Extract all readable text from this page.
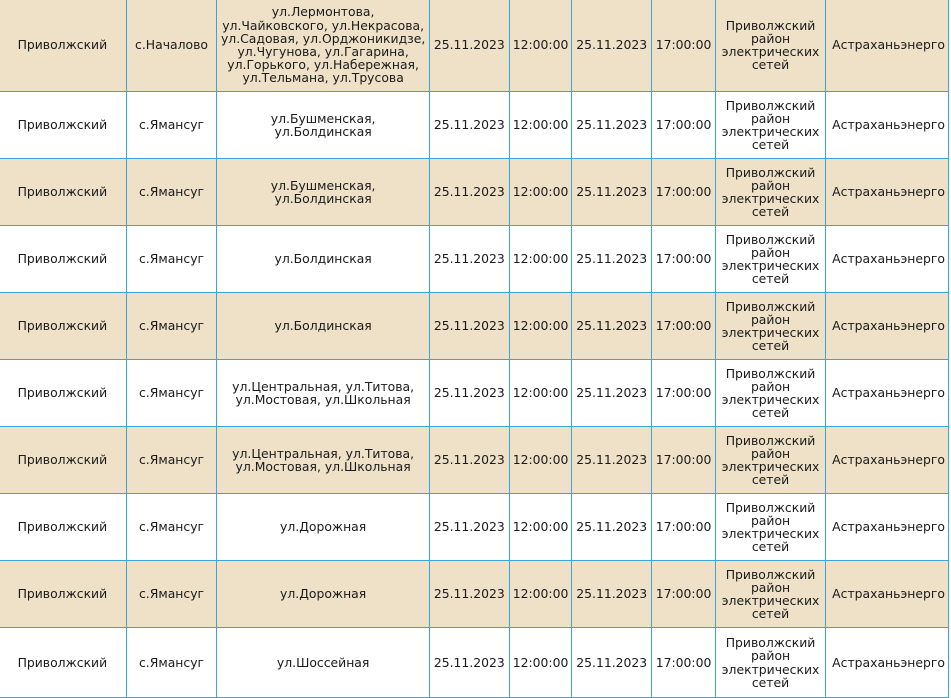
Приволжский	с.Началово	ул.Лермонтова, ул.Чайковского, ул.Некрасова, ул.Садовая, ул.Орджоникидзе, ул.Чугунова, ул.Гагарина, ул.Горького, ул.Набережная, ул.Тельмана, ул.Трусова	25.11.2023	12:00:00	25.11.2023	17:00:00	Приволжский район электрических сетей	Астраханьэнерго
Приволжский	с.Ямансуг	ул.Бушменская, ул.Болдинская	25.11.2023	12:00:00	25.11.2023	17:00:00	Приволжский район электрических сетей	Астраханьэнерго
Приволжский	с.Ямансуг	ул.Бушменская, ул.Болдинская	25.11.2023	12:00:00	25.11.2023	17:00:00	Приволжский район электрических сетей	Астраханьэнерго
Приволжский	с.Ямансуг	ул.Болдинская	25.11.2023	12:00:00	25.11.2023	17:00:00	Приволжский район электрических сетей	Астраханьэнерго
Приволжский	с.Ямансуг	ул.Болдинская	25.11.2023	12:00:00	25.11.2023	17:00:00	Приволжский район электрических сетей	Астраханьэнерго
Приволжский	с.Ямансуг	ул.Центральная, ул.Титова, ул.Мостовая, ул.Школьная	25.11.2023	12:00:00	25.11.2023	17:00:00	Приволжский район электрических сетей	Астраханьэнерго
Приволжский	с.Ямансуг	ул.Центральная, ул.Титова, ул.Мостовая, ул.Школьная	25.11.2023	12:00:00	25.11.2023	17:00:00	Приволжский район электрических сетей	Астраханьэнерго
Приволжский	с.Ямансуг	ул.Дорожная	25.11.2023	12:00:00	25.11.2023	17:00:00	Приволжский район электрических сетей	Астраханьэнерго
Приволжский	с.Ямансуг	ул.Дорожная	25.11.2023	12:00:00	25.11.2023	17:00:00	Приволжский район электрических сетей	Астраханьэнерго
Приволжский	с.Ямансуг	ул.Шоссейная	25.11.2023	12:00:00	25.11.2023	17:00:00	Приволжский район электрических сетей	Астраханьэнерго
